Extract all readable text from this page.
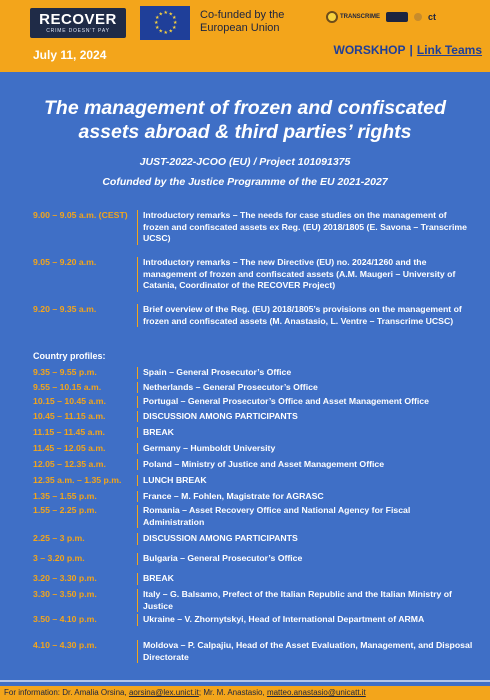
RECOVER
CRIME DOESN'T PAY
★ ★
★
★
★
★
★
★
★
★
★
★	Co-funded by the European Union
TRANSCRIME	ct
July 11, 2024	WORSKHOP | Link Teams
The management of frozen and confiscated assets abroad & third parties’ rights
JUST-2022-JCOO (EU) / Project 101091375
Cofunded by the Justice Programme of the EU 2021-2027
9.00 – 9.05 a.m. (CEST)	Introductory remarks – The needs for case studies on the management of frozen and confiscated assets ex Reg. (EU) 2018/1805 (E. Savona – Transcrime UCSC)
9.05 – 9.20 a.m.	Introductory remarks – The new Directive (EU) no. 2024/1260 and the management of frozen and confiscated assets (A.M. Maugeri – University of Catania, Coordinator of the RECOVER Project)
9.20 – 9.35 a.m.	Brief overview of the Reg. (EU) 2018/1805’s provisions on the management of frozen and confiscated assets (M. Anastasio, L. Ventre – Transcrime UCSC)
Country profiles:
9.35 – 9.55 p.m.	Spain – General Prosecutor’s Office
9.55 – 10.15 a.m.	Netherlands – General Prosecutor’s Office
10.15 – 10.45 a.m.	Portugal – General Prosecutor’s Office and Asset Management Office
10.45 – 11.15 a.m.	DISCUSSION AMONG PARTICIPANTS
11.15 – 11.45 a.m.	BREAK
11.45 – 12.05 a.m.	Germany – Humboldt University
12.05 – 12.35 a.m.	Poland – Ministry of Justice and Asset Management Office
12.35 a.m. – 1.35 p.m.	LUNCH BREAK
1.35 – 1.55 p.m.	France – M. Fohlen, Magistrate for AGRASC
1.55 – 2.25 p.m.	Romania – Asset Recovery Office and National Agency for Fiscal Administration
2.25 – 3 p.m.	DISCUSSION AMONG PARTICIPANTS
3 – 3.20 p.m.	Bulgaria – General Prosecutor’s Office
3.20 – 3.30 p.m.	BREAK
3.30 – 3.50 p.m.	Italy – G. Balsamo, Prefect of the Italian Republic and the Italian Ministry of Justice
3.50 – 4.10 p.m.	Ukraine – V. Zhornytskyi, Head of International Department of ARMA
4.10 – 4.30 p.m.	Moldova – P. Calpajiu, Head of the Asset Evaluation, Management, and Disposal Directorate
For information: Dr. Amalia Orsina, aorsina@lex.unict.it; Mr. M. Anastasio, matteo.anastasio@unicatt.it
